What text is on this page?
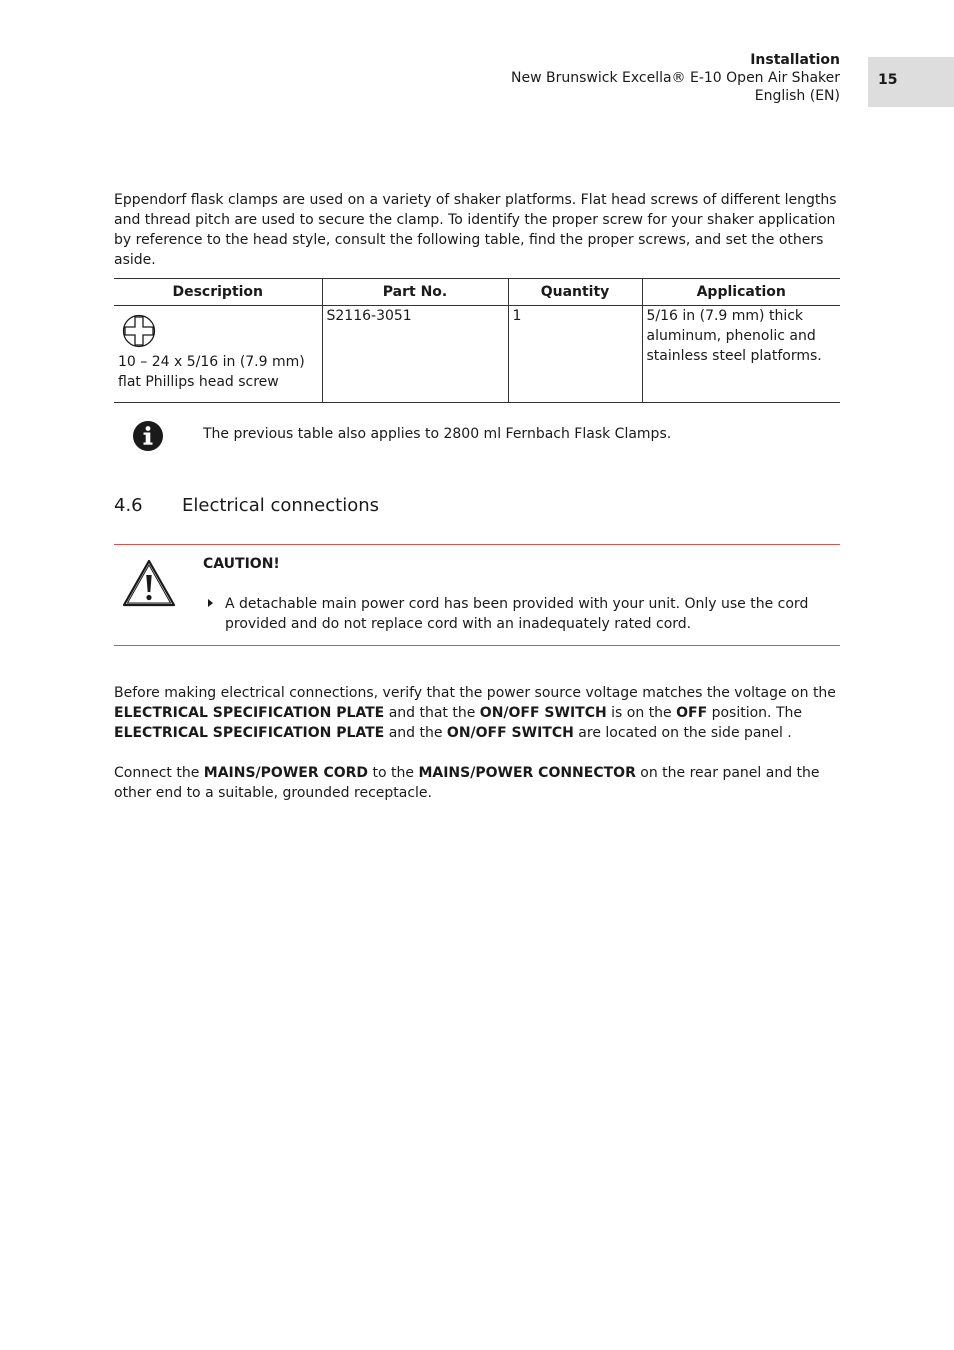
Installation
New Brunswick Excella® E-10 Open Air Shaker
English (EN)
15
Eppendorf flask clamps are used on a variety of shaker platforms. Flat head screws of different lengths and thread pitch are used to secure the clamp. To identify the proper screw for your shaker application by reference to the head style, consult the following table, find the proper screws, and set the others aside.
Description	Part No.	Quantity	Application

10 – 24 x 5/16 in (7.9 mm)
flat Phillips head screw	S2116-3051	1	5/16 in (7.9 mm) thick aluminum, phenolic and stainless steel platforms.
The previous table also applies to 2800 ml Fernbach Flask Clamps.
4.6 Electrical connections
CAUTION!
A detachable main power cord has been provided with your unit. Only use the cord provided and do not replace cord with an inadequately rated cord.
Before making electrical connections, verify that the power source voltage matches the voltage on the ELECTRICAL SPECIFICATION PLATE and that the ON/OFF SWITCH is on the OFF position. The
ELECTRICAL SPECIFICATION PLATE and the ON/OFF SWITCH are located on the side panel .
Connect the MAINS/POWER CORD to the MAINS/POWER CONNECTOR on the rear panel and the other end to a suitable, grounded receptacle.
